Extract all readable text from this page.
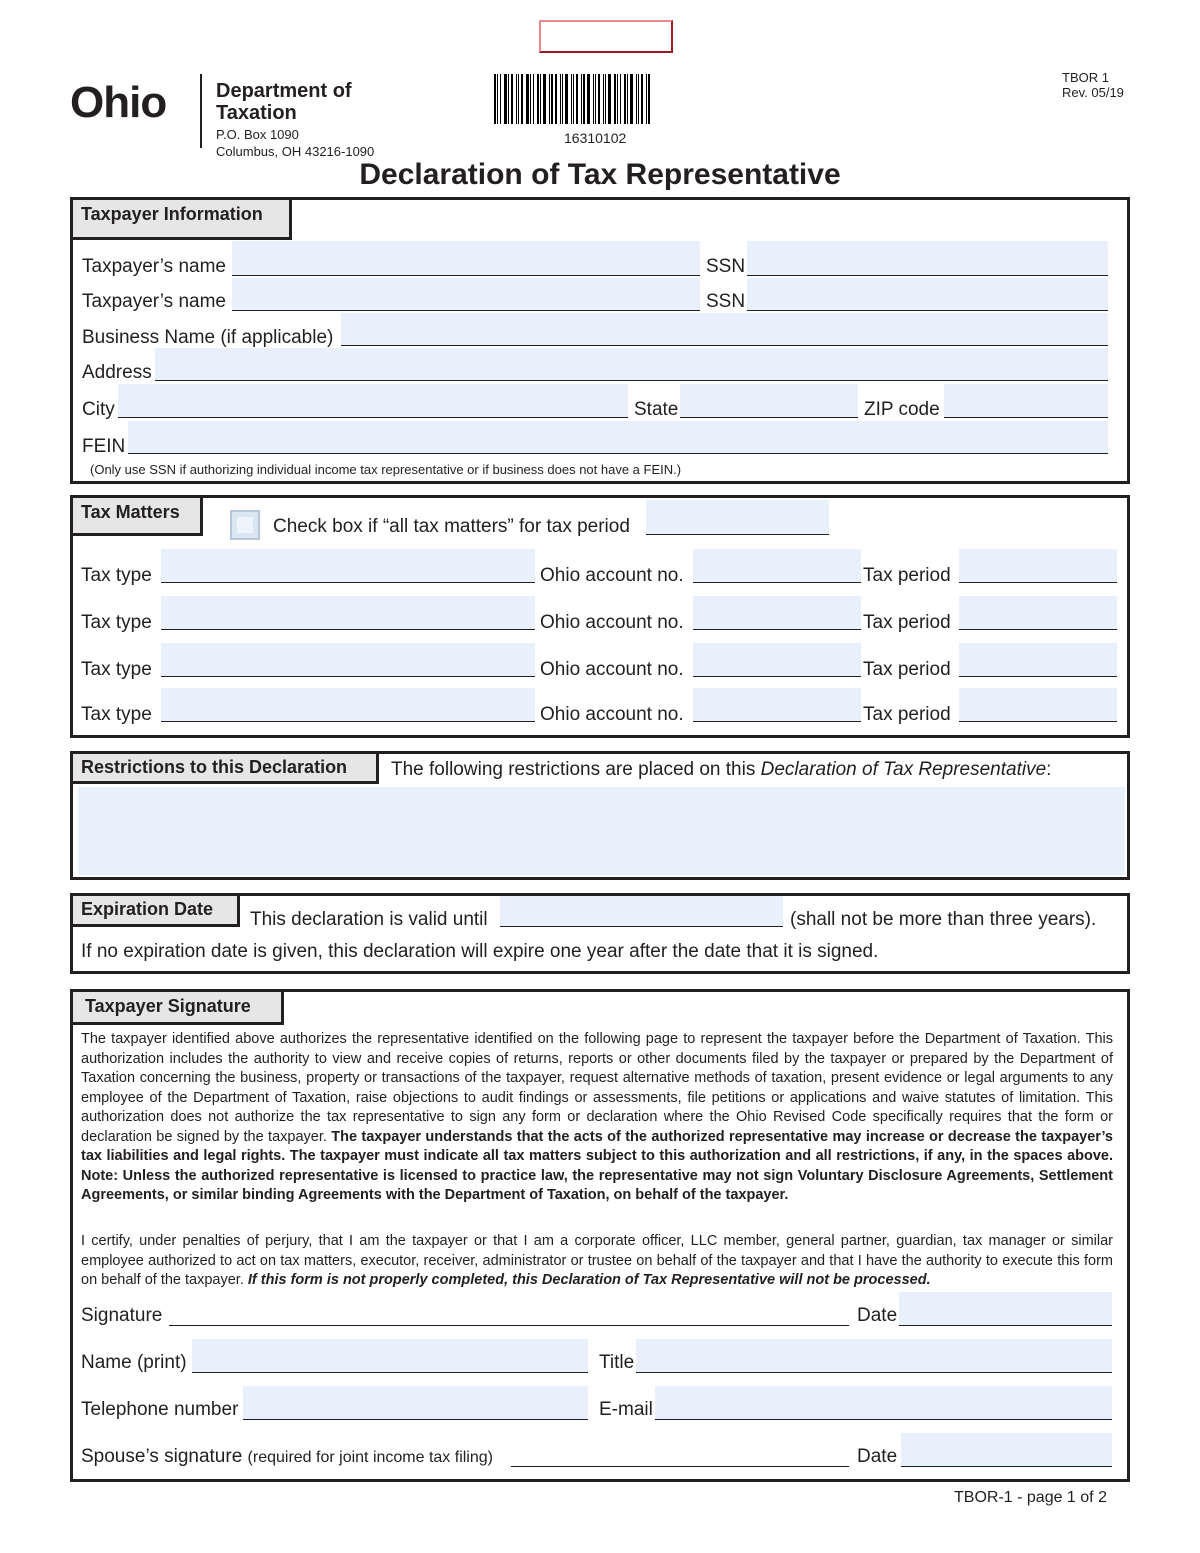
Ohio Department of
Taxation
P.O. Box 1090
Columbus, OH 43216-1090
16310102
TBOR 1
Rev. 05/19
Declaration of Tax Representative
Taxpayer Information
Taxpayer’s name	SSN
Taxpayer’s name	SSN
Business Name (if applicable)
Address
City	State	ZIP code
FEIN
(Only use SSN if authorizing individual income tax representative or if business does not have a FEIN.)
Tax Matters
Check box if “all tax matters” for tax period
Tax type	Ohio account no.	Tax period
Tax type	Ohio account no.	Tax period
Tax type	Ohio account no.	Tax period
Tax type	Ohio account no.	Tax period
Restrictions to this Declaration	The following restrictions are placed on this Declaration of Tax Representative:
Expiration Date	This declaration is valid until	(shall not be more than three years).
If no expiration date is given, this declaration will expire one year after the date that it is signed.
Taxpayer Signature
The taxpayer identified above authorizes the representative identified on the following page to represent the taxpayer before the Department of Taxation. This authorization includes the authority to view and receive copies of returns, reports or other documents filed by the taxpayer or prepared by the Department of Taxation concerning the business, property or transactions of the taxpayer, request alternative methods of taxation, present evidence or legal arguments to any employee of the Department of Taxation, raise objections to audit findings or assessments, file petitions or applications and waive statutes of limitation. This authorization does not authorize the tax representative to sign any form or declaration where the Ohio Revised Code specifically requires that the form or declaration be signed by the taxpayer. The taxpayer understands that the acts of the authorized representative may increase or decrease the taxpayer’s tax liabilities and legal rights. The taxpayer must indicate all tax matters subject to this authorization and all restrictions, if any, in the spaces above. Note: Unless the authorized representative is licensed to practice law, the representative may not sign Voluntary Disclosure Agreements, Settlement Agreements, or similar binding Agreements with the Department of Taxation, on behalf of the taxpayer.
I certify, under penalties of perjury, that I am the taxpayer or that I am a corporate officer, LLC member, general partner, guardian, tax manager or similar employee authorized to act on tax matters, executor, receiver, administrator or trustee on behalf of the taxpayer and that I have the authority to execute this form on behalf of the taxpayer. If this form is not properly completed, this Declaration of Tax Representative will not be processed.
Signature	Date
Name (print)	Title
Telephone number	E-mail
Spouse’s signature (required for joint income tax filing)	Date
TBOR-1 - page 1 of 2
